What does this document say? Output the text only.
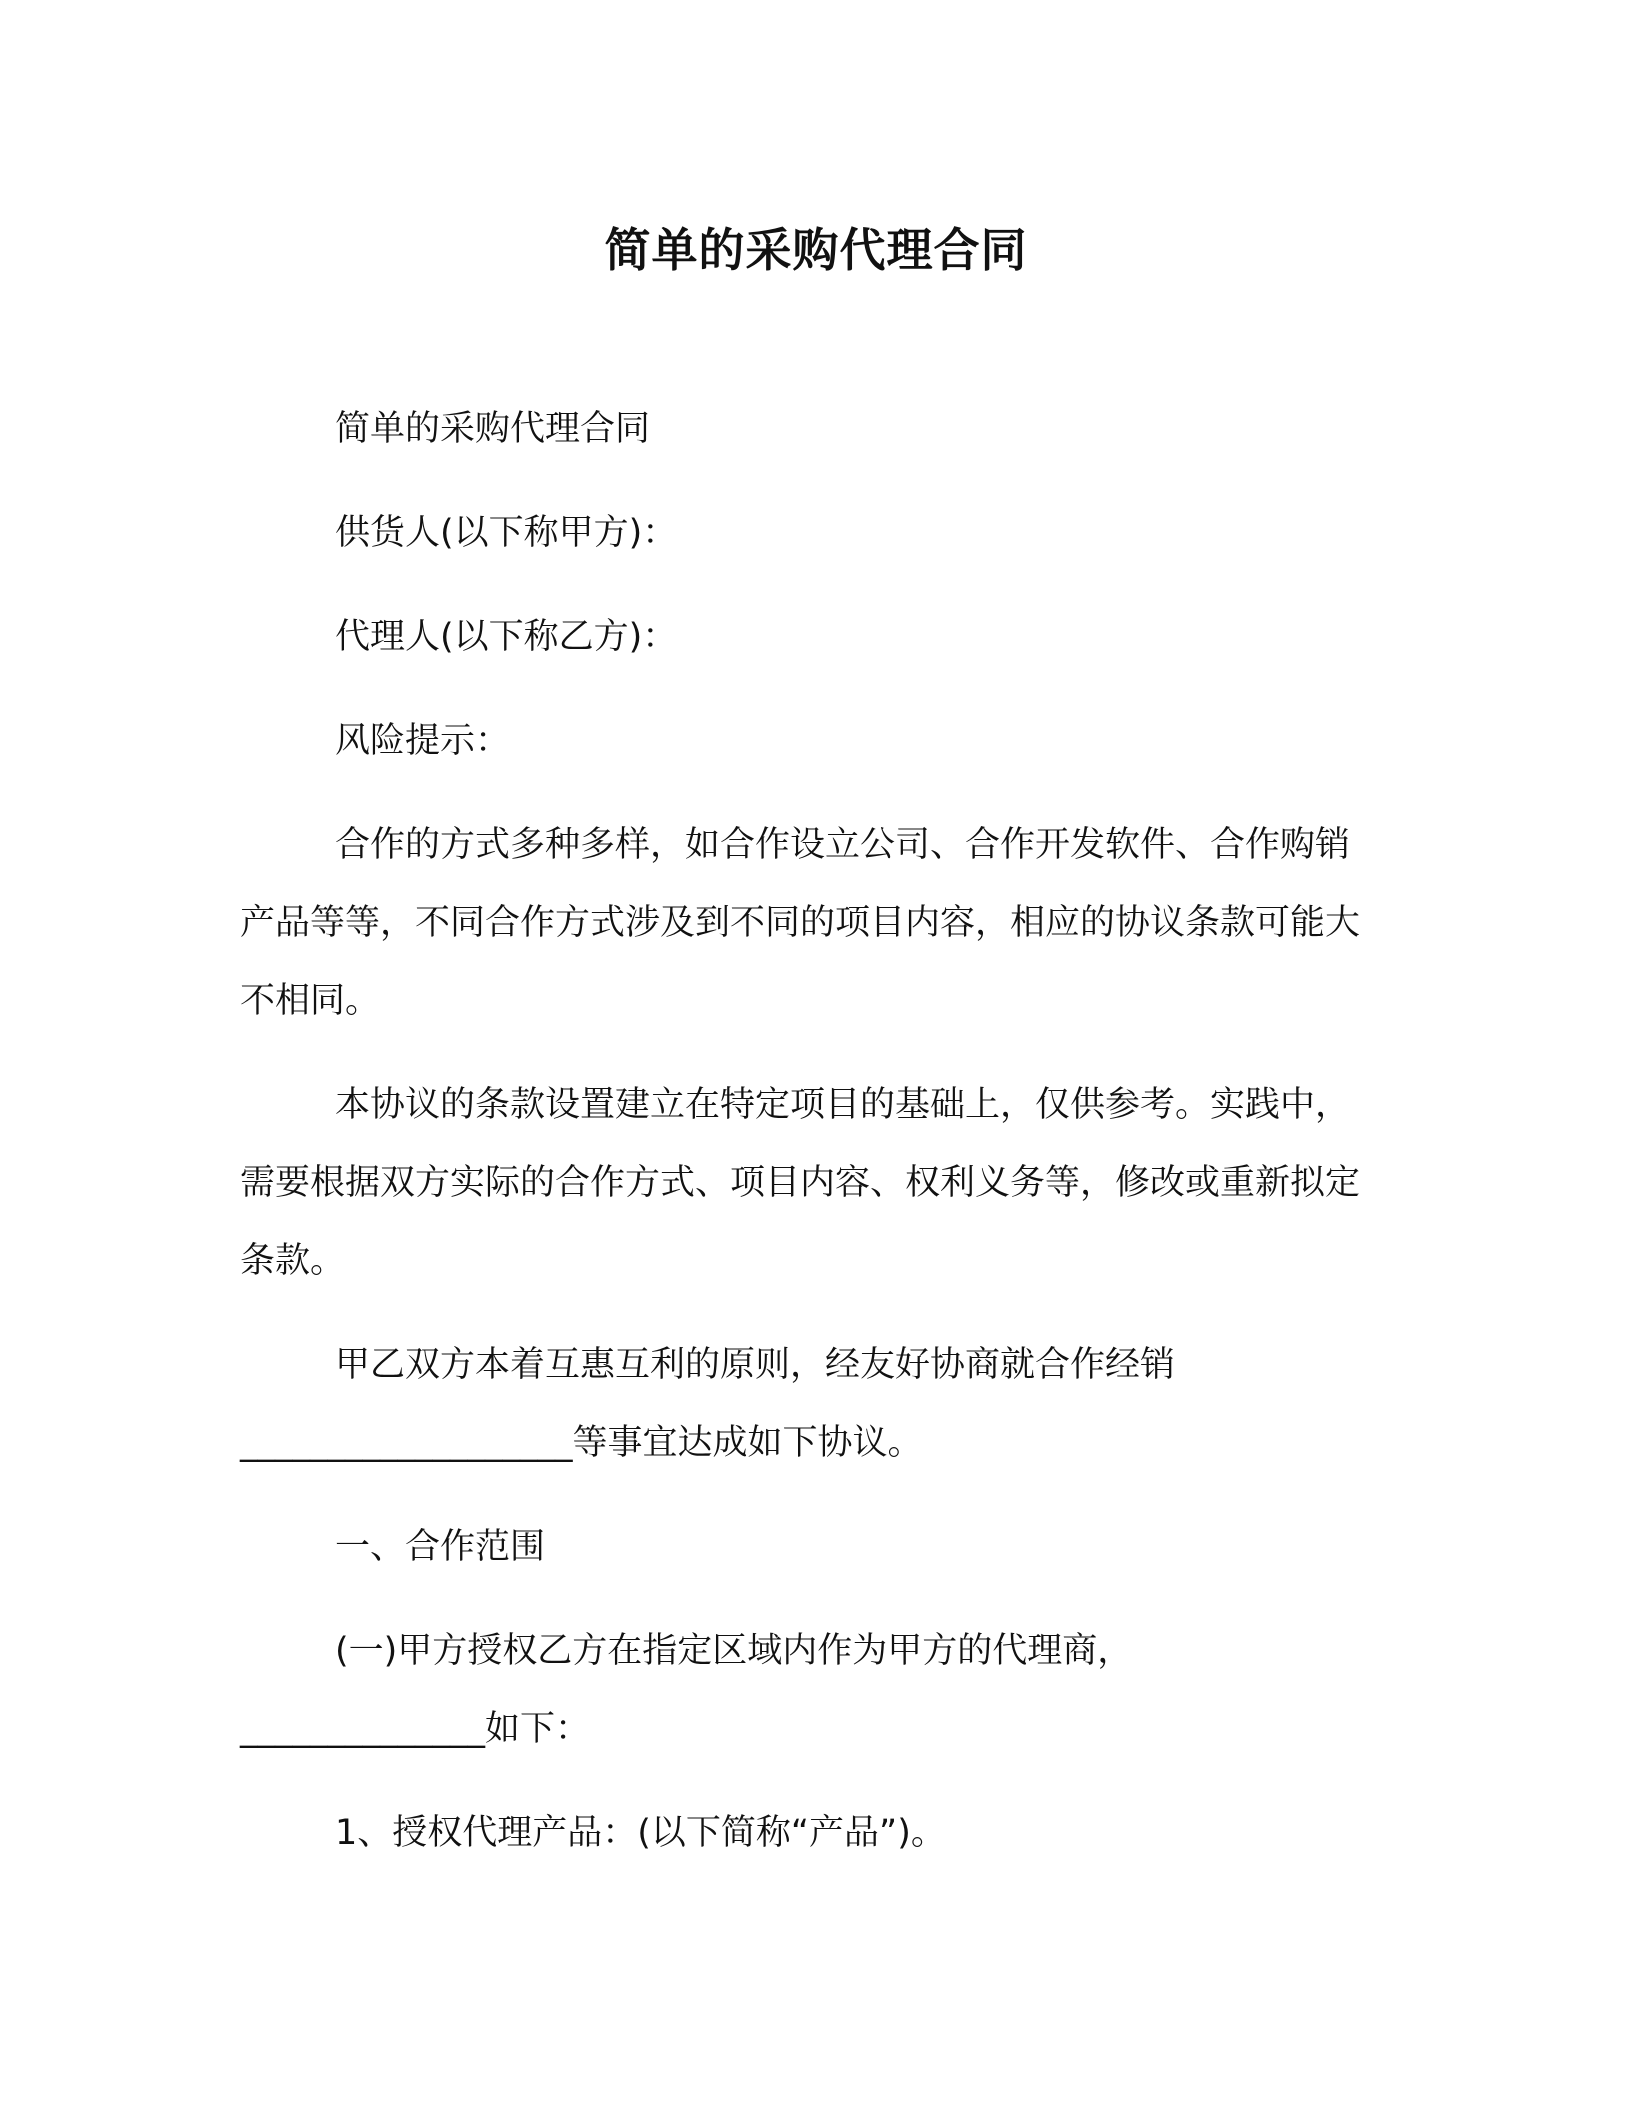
简单的采购代理合同

简单的采购代理合同

供货人(以下称甲方)：

代理人(以下称乙方)：

风险提示：

合作的方式多种多样，如合作设立公司、合作开发软件、合作购销产品等等，不同合作方式涉及到不同的项目内容，相应的协议条款可能大不相同。

本协议的条款设置建立在特定项目的基础上，仅供参考。实践中，需要根据双方实际的合作方式、项目内容、权利义务等，修改或重新拟定条款。

甲乙双方本着互惠互利的原则，经友好协商就合作经销___________________等事宜达成如下协议。

一、合作范围

(一)甲方授权乙方在指定区域内作为甲方的代理商，______________如下：

1、授权代理产品：(以下简称“产品”)。
